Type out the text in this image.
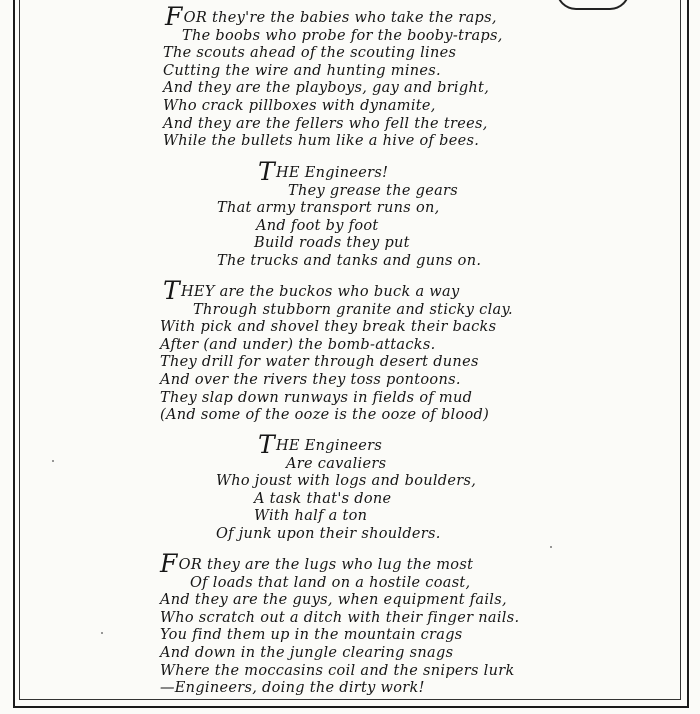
FOR they're the babies who take the raps,
The boobs who probe for the booby-traps,
The scouts ahead of the scouting lines
Cutting the wire and hunting mines.
And they are the playboys, gay and bright,
Who crack pillboxes with dynamite,
And they are the fellers who fell the trees,
While the bullets hum like a hive of bees.
THE Engineers!
They grease the gears
That army transport runs on,
And foot by foot
Build roads they put
The trucks and tanks and guns on.
THEY are the buckos who buck a way
Through stubborn granite and sticky clay.
With pick and shovel they break their backs
After (and under) the bomb-attacks.
They drill for water through desert dunes
And over the rivers they toss pontoons.
They slap down runways in fields of mud
(And some of the ooze is the ooze of blood)
THE Engineers
Are cavaliers
Who joust with logs and boulders,
A task that's done
With half a ton
Of junk upon their shoulders.
FOR they are the lugs who lug the most
Of loads that land on a hostile coast,
And they are the guys, when equipment fails,
Who scratch out a ditch with their finger nails.
You find them up in the mountain crags
And down in the jungle clearing snags
Where the moccasins coil and the snipers lurk
—Engineers, doing the dirty work!
